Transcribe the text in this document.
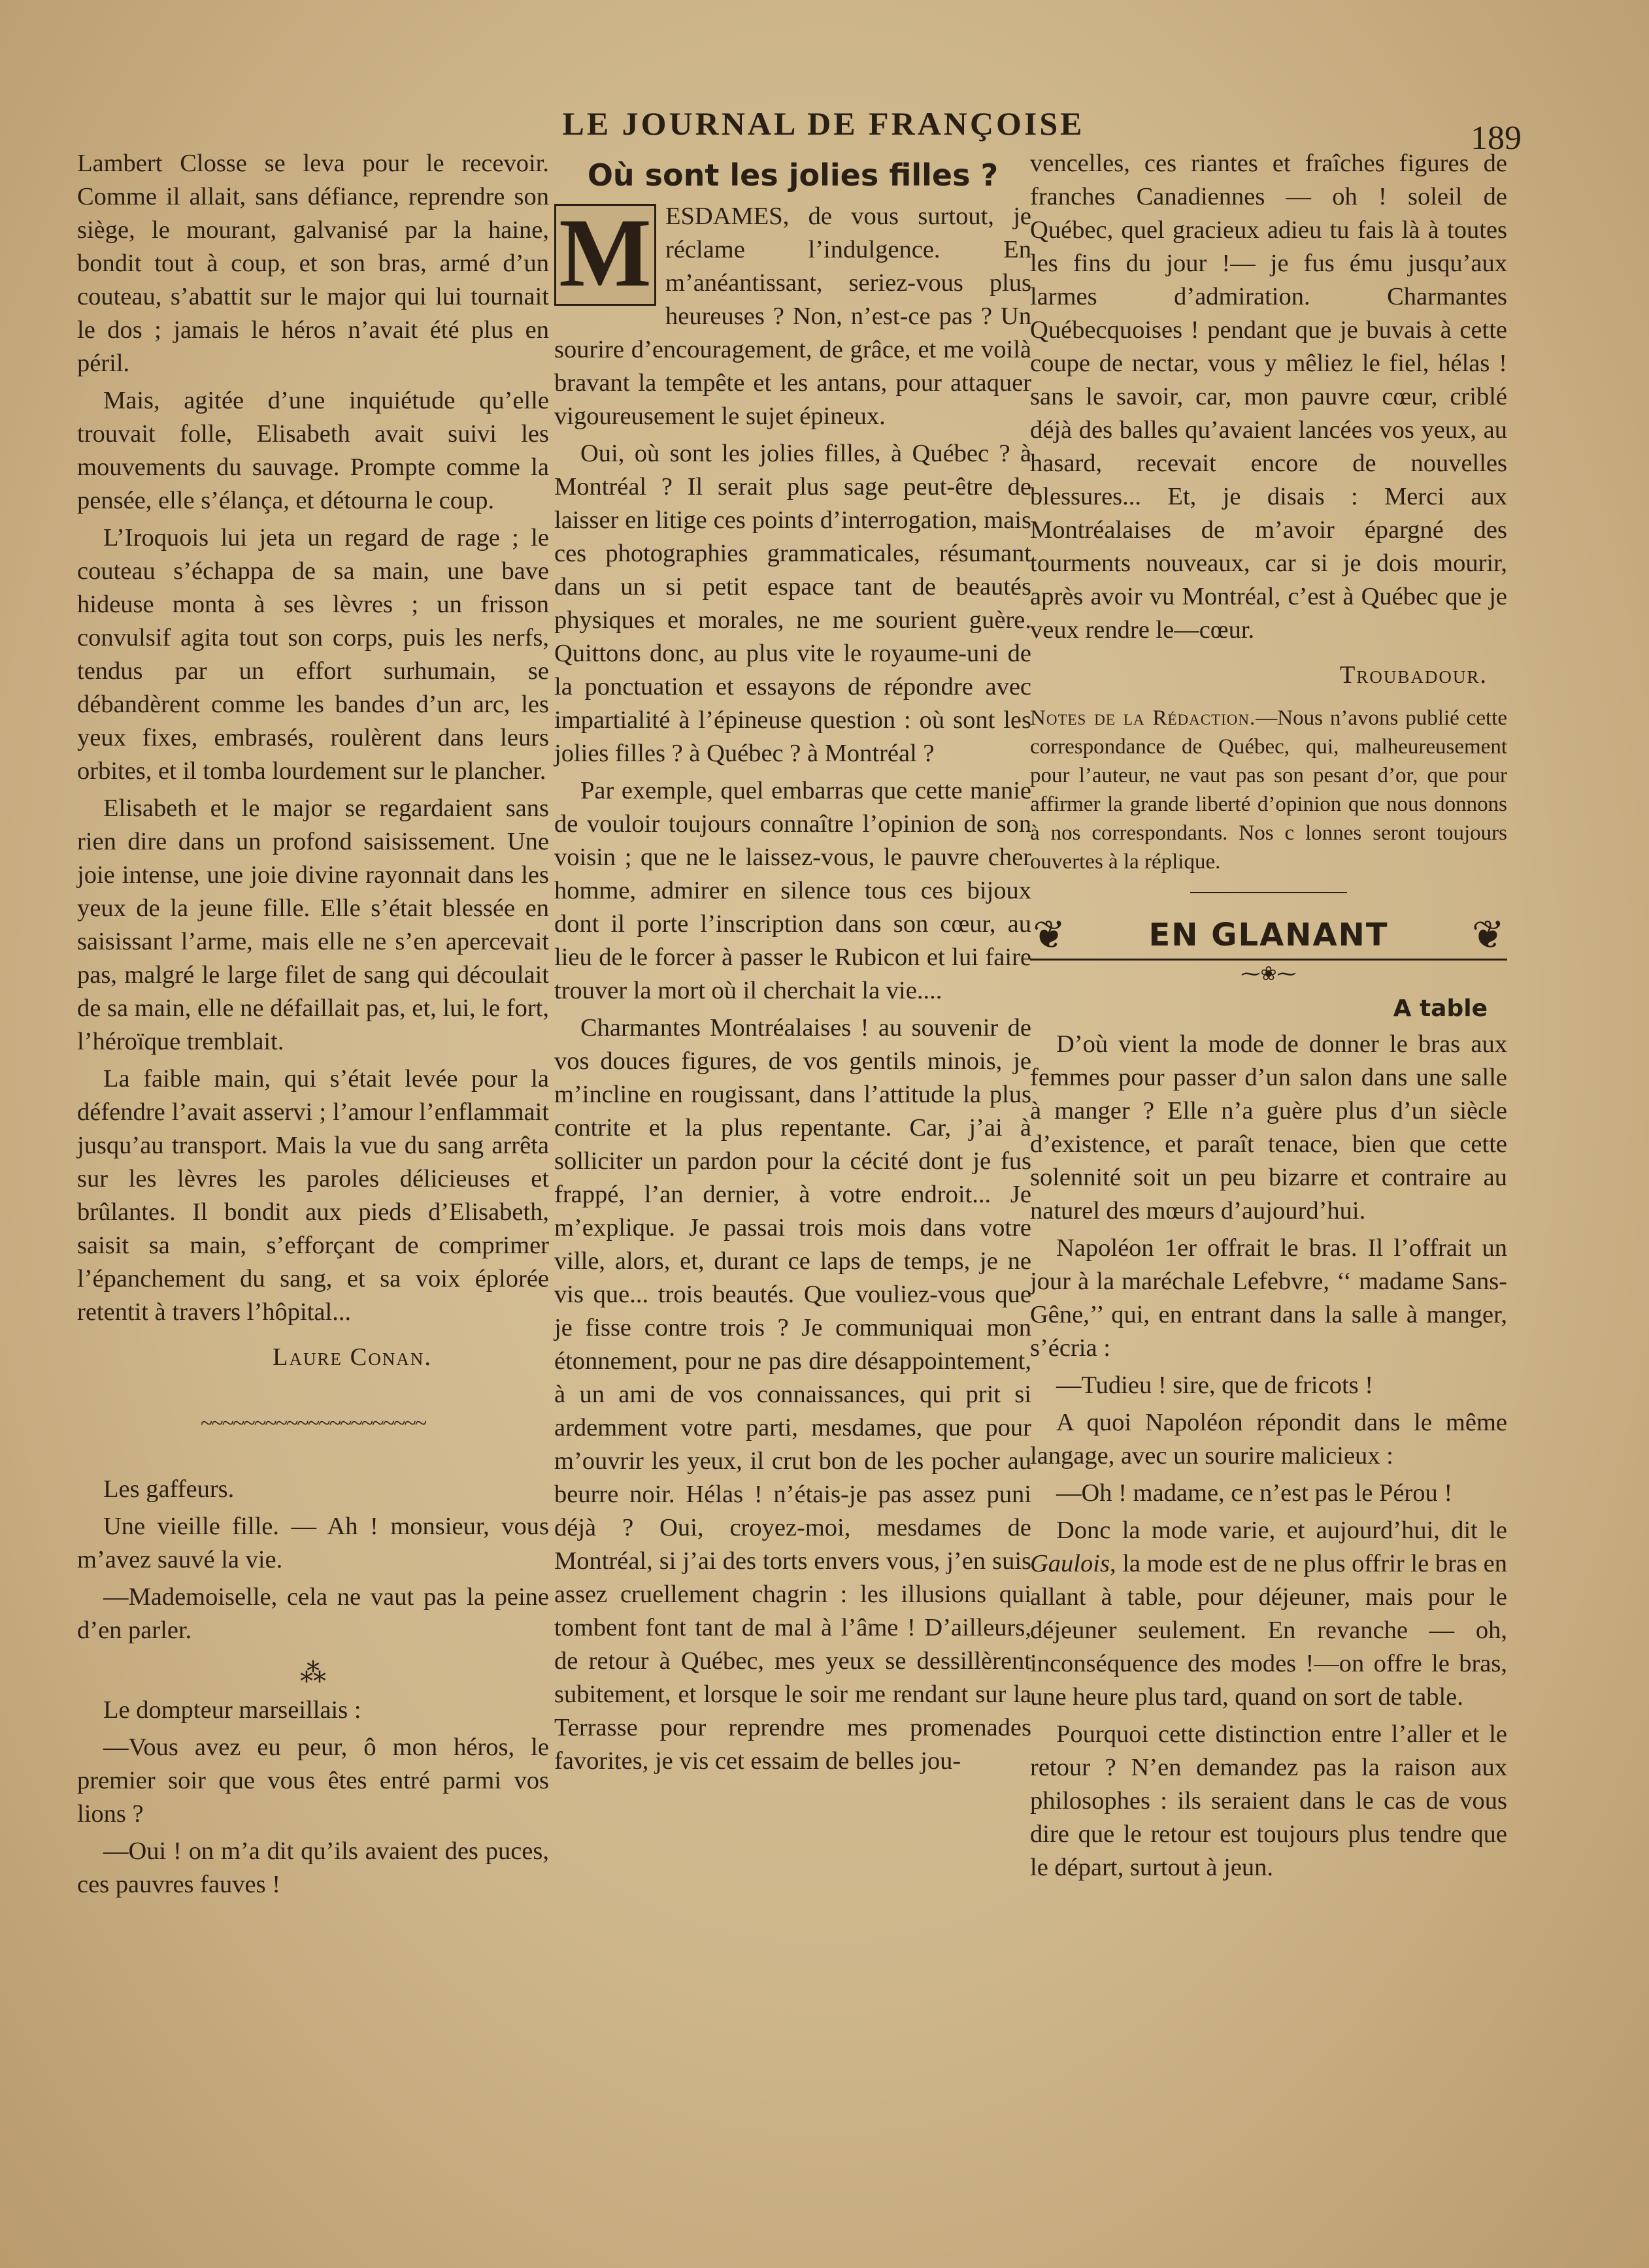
LE JOURNAL DE FRANÇOISE	189

Lambert Closse se leva pour le recevoir. Comme il allait, sans défiance, reprendre son siège, le mourant, galvanisé par la haine, bondit tout à coup, et son bras, armé d’un couteau, s’abattit sur le major qui lui tournait le dos ; jamais le héros n’avait été plus en péril.

Mais, agitée d’une inquiétude qu’elle trouvait folle, Elisabeth avait suivi les mouvements du sauvage. Prompte comme la pensée, elle s’élança, et détourna le coup.

L’Iroquois lui jeta un regard de rage ; le couteau s’échappa de sa main, une bave hideuse monta à ses lèvres ; un frisson convulsif agita tout son corps, puis les nerfs, tendus par un effort surhumain, se débandèrent comme les bandes d’un arc, les yeux fixes, embrasés, roulèrent dans leurs orbites, et il tomba lourdement sur le plancher.

Elisabeth et le major se regardaient sans rien dire dans un profond saisissement. Une joie intense, une joie divine rayonnait dans les yeux de la jeune fille. Elle s’était blessée en saisissant l’arme, mais elle ne s’en apercevait pas, malgré le large filet de sang qui découlait de sa main, elle ne défaillait pas, et, lui, le fort, l’héroïque tremblait.

La faible main, qui s’était levée pour la défendre l’avait asservi ; l’amour l’enflammait jusqu’au transport. Mais la vue du sang arrêta sur les lèvres les paroles délicieuses et brûlantes. Il bondit aux pieds d’Elisabeth, saisit sa main, s’efforçant de comprimer l’épanchement du sang, et sa voix éplorée retentit à travers l’hôpital...

Laure Conan.
~~~~~~~~~~~~~~~~~~~~~

Les gaffeurs.

Une vieille fille. — Ah ! monsieur, vous m’avez sauvé la vie.

—Mademoiselle, cela ne vaut pas la peine d’en parler.

⁂

Le dompteur marseillais :

—Vous avez eu peur, ô mon héros, le premier soir que vous êtes entré parmi vos lions ?

—Oui ! on m’a dit qu’ils avaient des puces, ces pauvres fauves !

Où sont les jolies filles ?

M ESDAMES, de vous surtout, je réclame l’indulgence. En m’anéantissant, seriez-vous plus heureuses ? Non, n’est-ce pas ? Un sourire d’encouragement, de grâce, et me voilà bravant la tempête et les antans, pour attaquer vigoureusement le sujet épineux.

Oui, où sont les jolies filles, à Québec ? à Montréal ? Il serait plus sage peut-être de laisser en litige ces points d’interrogation, mais ces photographies grammaticales, résumant dans un si petit espace tant de beautés physiques et morales, ne me sourient guère. Quittons donc, au plus vite le royaume-uni de la ponctuation et essayons de répondre avec impartialité à l’épineuse question : où sont les jolies filles ? à Québec ? à Montréal ?

Par exemple, quel embarras que cette manie de vouloir toujours connaître l’opinion de son voisin ; que ne le laissez-vous, le pauvre cher homme, admirer en silence tous ces bijoux dont il porte l’inscription dans son cœur, au lieu de le forcer à passer le Rubicon et lui faire trouver la mort où il cherchait la vie....

Charmantes Montréalaises ! au souvenir de vos douces figures, de vos gentils minois, je m’incline en rougissant, dans l’attitude la plus contrite et la plus repentante. Car, j’ai à solliciter un pardon pour la cécité dont je fus frappé, l’an dernier, à votre endroit... Je m’explique. Je passai trois mois dans votre ville, alors, et, durant ce laps de temps, je ne vis que... trois beautés. Que vouliez-vous que je fisse contre trois ? Je communiquai mon étonnement, pour ne pas dire désappointement, à un ami de vos connaissances, qui prit si ardemment votre parti, mesdames, que pour m’ouvrir les yeux, il crut bon de les pocher au beurre noir. Hélas ! n’étais-je pas assez puni déjà ? Oui, croyez-moi, mesdames de Montréal, si j’ai des torts envers vous, j’en suis assez cruellement chagrin : les illusions qui tombent font tant de mal à l’âme ! D’ailleurs, de retour à Québec, mes yeux se dessillèrent subitement, et lorsque le soir me rendant sur la Terrasse pour reprendre mes promenades favorites, je vis cet essaim de belles jou-

vencelles, ces riantes et fraîches figures de franches Canadiennes — oh ! soleil de Québec, quel gracieux adieu tu fais là à toutes les fins du jour !— je fus ému jusqu’aux larmes d’admiration. Charmantes Québecquoises ! pendant que je buvais à cette coupe de nectar, vous y mêliez le fiel, hélas ! sans le savoir, car, mon pauvre cœur, criblé déjà des balles qu’avaient lancées vos yeux, au hasard, recevait encore de nouvelles blessures... Et, je disais : Merci aux Montréalaises de m’avoir épargné des tourments nouveaux, car si je dois mourir, après avoir vu Montréal, c’est à Québec que je veux rendre le—cœur.

Troubadour.
Notes de la Rédaction.—Nous n’avons publié cette correspondance de Québec, qui, malheureusement pour l’auteur, ne vaut pas son pesant d’or, que pour affirmer la grande liberté d’opinion que nous donnons à nos correspondants. Nos c lonnes seront toujours ouvertes à la réplique.
❦	EN GLANANT ❦
⁓❀⁓
A table

D’où vient la mode de donner le bras aux femmes pour passer d’un salon dans une salle à manger ? Elle n’a guère plus d’un siècle d’existence, et paraît tenace, bien que cette solennité soit un peu bizarre et contraire au naturel des mœurs d’aujourd’hui.

Napoléon 1er offrait le bras. Il l’offrait un jour à la maréchale Lefebvre, ‘‘ madame Sans-Gêne,’’ qui, en entrant dans la salle à manger, s’écria :

—Tudieu ! sire, que de fricots !

A quoi Napoléon répondit dans le même langage, avec un sourire malicieux :

—Oh ! madame, ce n’est pas le Pérou !

Donc la mode varie, et aujourd’hui, dit le Gaulois, la mode est de ne plus offrir le bras en allant à table, pour déjeuner, mais pour le déjeuner seulement. En revanche — oh, inconséquence des modes !—on offre le bras, une heure plus tard, quand on sort de table.

Pourquoi cette distinction entre l’aller et le retour ? N’en demandez pas la raison aux philosophes : ils seraient dans le cas de vous dire que le retour est toujours plus tendre que le départ, surtout à jeun.
